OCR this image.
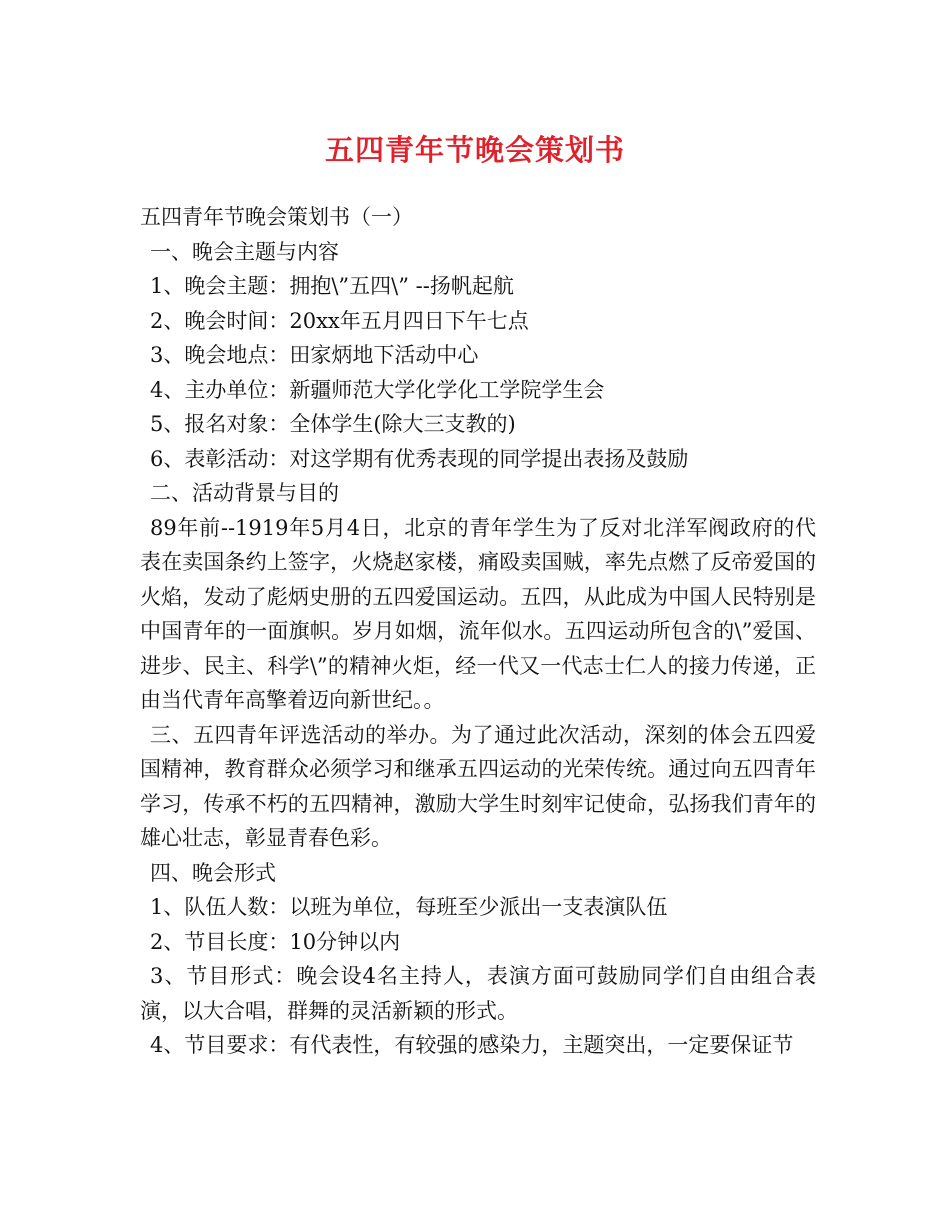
五四青年节晚会策划书
五四青年节晚会策划书（一）
一、晚会主题与内容
1、晚会主题：拥抱\”五四\” --扬帆起航
2、晚会时间：20xx年五月四日下午七点
3、晚会地点：田家炳地下活动中心
4、主办单位：新疆师范大学化学化工学院学生会
5、报名对象：全体学生(除大三支教的)
6、表彰活动：对这学期有优秀表现的同学提出表扬及鼓励
二、活动背景与目的
89年前--1919年5月4日，北京的青年学生为了反对北洋军阀政府的代表在卖国条约上签字，火烧赵家楼，痛殴卖国贼，率先点燃了反帝爱国的火焰，发动了彪炳史册的五四爱国运动。五四，从此成为中国人民特别是中国青年的一面旗帜。岁月如烟，流年似水。五四运动所包含的\”爱国、进步、民主、科学\”的精神火炬，经一代又一代志士仁人的接力传递，正由当代青年高擎着迈向新世纪。。
三、五四青年评选活动的举办。为了通过此次活动，深刻的体会五四爱国精神，教育群众必须学习和继承五四运动的光荣传统。通过向五四青年学习，传承不朽的五四精神，激励大学生时刻牢记使命，弘扬我们青年的雄心壮志，彰显青春色彩。
四、晚会形式
1、队伍人数：以班为单位，每班至少派出一支表演队伍
2、节目长度：10分钟以内
3、节目形式：晚会设4名主持人，表演方面可鼓励同学们自由组合表演，以大合唱，群舞的灵活新颖的形式。
4、节目要求：有代表性，有较强的感染力，主题突出，一定要保证节
